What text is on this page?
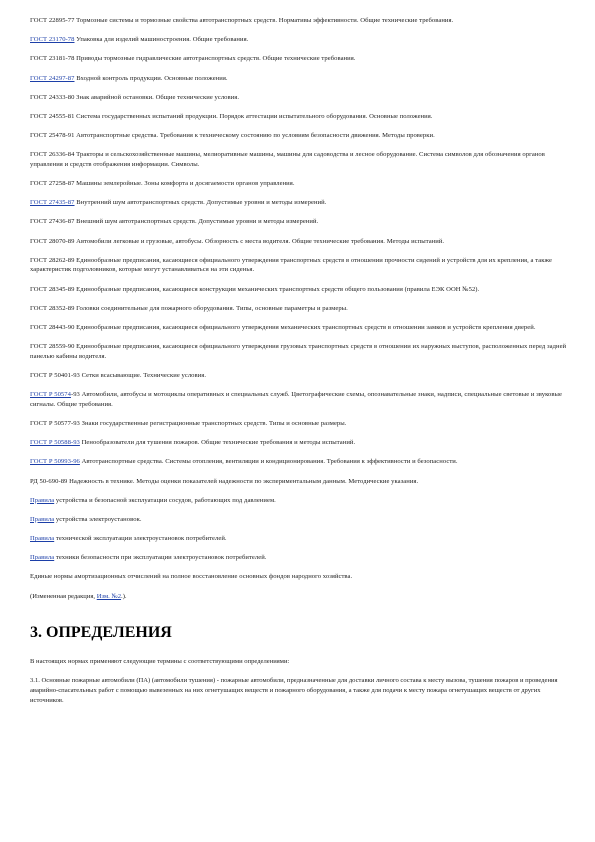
ГОСТ 22895-77 Тормозные системы и тормозные свойства автотранспортных средств. Нормативы эффективности. Общие технические требования.

ГОСТ 23170-78 Упаковка для изделий машиностроения. Общие требования.

ГОСТ 23181-78 Приводы тормозные гидравлические автотранспортных средств. Общие технические требования.

ГОСТ 24297-87 Входной контроль продукции. Основные положения.

ГОСТ 24333-80 Знак аварийной остановки. Общие технические условия.

ГОСТ 24555-81 Система государственных испытаний продукции. Порядок аттестации испытательного оборудования. Основные положения.

ГОСТ 25478-91 Автотранспортные средства. Требования к техническому состоянию по условиям безопасности движения. Методы проверки.

ГОСТ 26336-84 Тракторы и сельскохозяйственные машины, мелиоративные машины, машины для садоводства и лесное оборудование. Система символов для обозначения органов управления и средств отображения информации. Символы.

ГОСТ 27258-87 Машины землеройные. Зоны комфорта и досягаемости органов управления.

ГОСТ 27435-87 Внутренний шум автотранспортных средств. Допустимые уровни и методы измерений.

ГОСТ 27436-87 Внешний шум автотранспортных средств. Допустимые уровни и методы измерений.

ГОСТ 28070-89 Автомобили легковые и грузовые, автобусы. Обзорность с места водителя. Общие технические требования. Методы испытаний.

ГОСТ 28262-89 Единообразные предписания, касающиеся официального утверждения транспортных средств в отношении прочности сидений и устройств для их крепления, а также характеристик подголовников, которые могут устанавливаться на эти сиденья.

ГОСТ 28345-89 Единообразные предписания, касающиеся конструкции механических транспортных средств общего пользования (правила ЕЭК ООН №52).

ГОСТ 28352-89 Головки соединительные для пожарного оборудования. Типы, основные параметры и размеры.

ГОСТ 28443-90 Единообразные предписания, касающиеся официального утверждения механических транспортных средств в отношении замков и устройств крепления дверей.

ГОСТ 28559-90 Единообразные предписания, касающиеся официального утверждения грузовых транспортных средств в отношении их наружных выступов, расположенных перед задней панелью кабины водителя.

ГОСТ Р 50401-93 Сетки всасывающие. Технические условия.

ГОСТ Р 50574-93 Автомобили, автобусы и мотоциклы оперативных и специальных служб. Цветографические схемы, опознавательные знаки, надписи, специальные световые и звуковые сигналы. Общие требования.

ГОСТ Р 50577-93 Знаки государственные регистрационные транспортных средств. Типы и основные размеры.

ГОСТ Р 50588-93 Пенообразователи для тушения пожаров. Общие технические требования и методы испытаний.

ГОСТ Р 50993-96 Автотранспортные средства. Системы отопления, вентиляции и кондиционирования. Требования к эффективности и безопасности.

РД 50-690-89 Надежность в технике. Методы оценки показателей надежности по экспериментальным данным. Методические указания.

Правила устройства и безопасной эксплуатации сосудов, работающих под давлением.

Правила устройства электроустановок.

Правила технической эксплуатации электроустановок потребителей.

Правила техники безопасности при эксплуатации электроустановок потребителей.

Единые нормы амортизационных отчислений на полное восстановление основных фондов народного хозяйства.

(Измененная редакция, Изм. №2.).

3. ОПРЕДЕЛЕНИЯ

В настоящих нормах применяют следующие термины с соответствующими определениями:

3.1. Основные пожарные автомобили (ПА) (автомобили тушения) - пожарные автомобили, предназначенные для доставки личного состава к месту вызова, тушения пожаров и проведения аварийно-спасательных работ с помощью вывезенных на них огнетушащих веществ и пожарного оборудования, а также для подачи к месту пожара огнетушащих веществ от других источников.
